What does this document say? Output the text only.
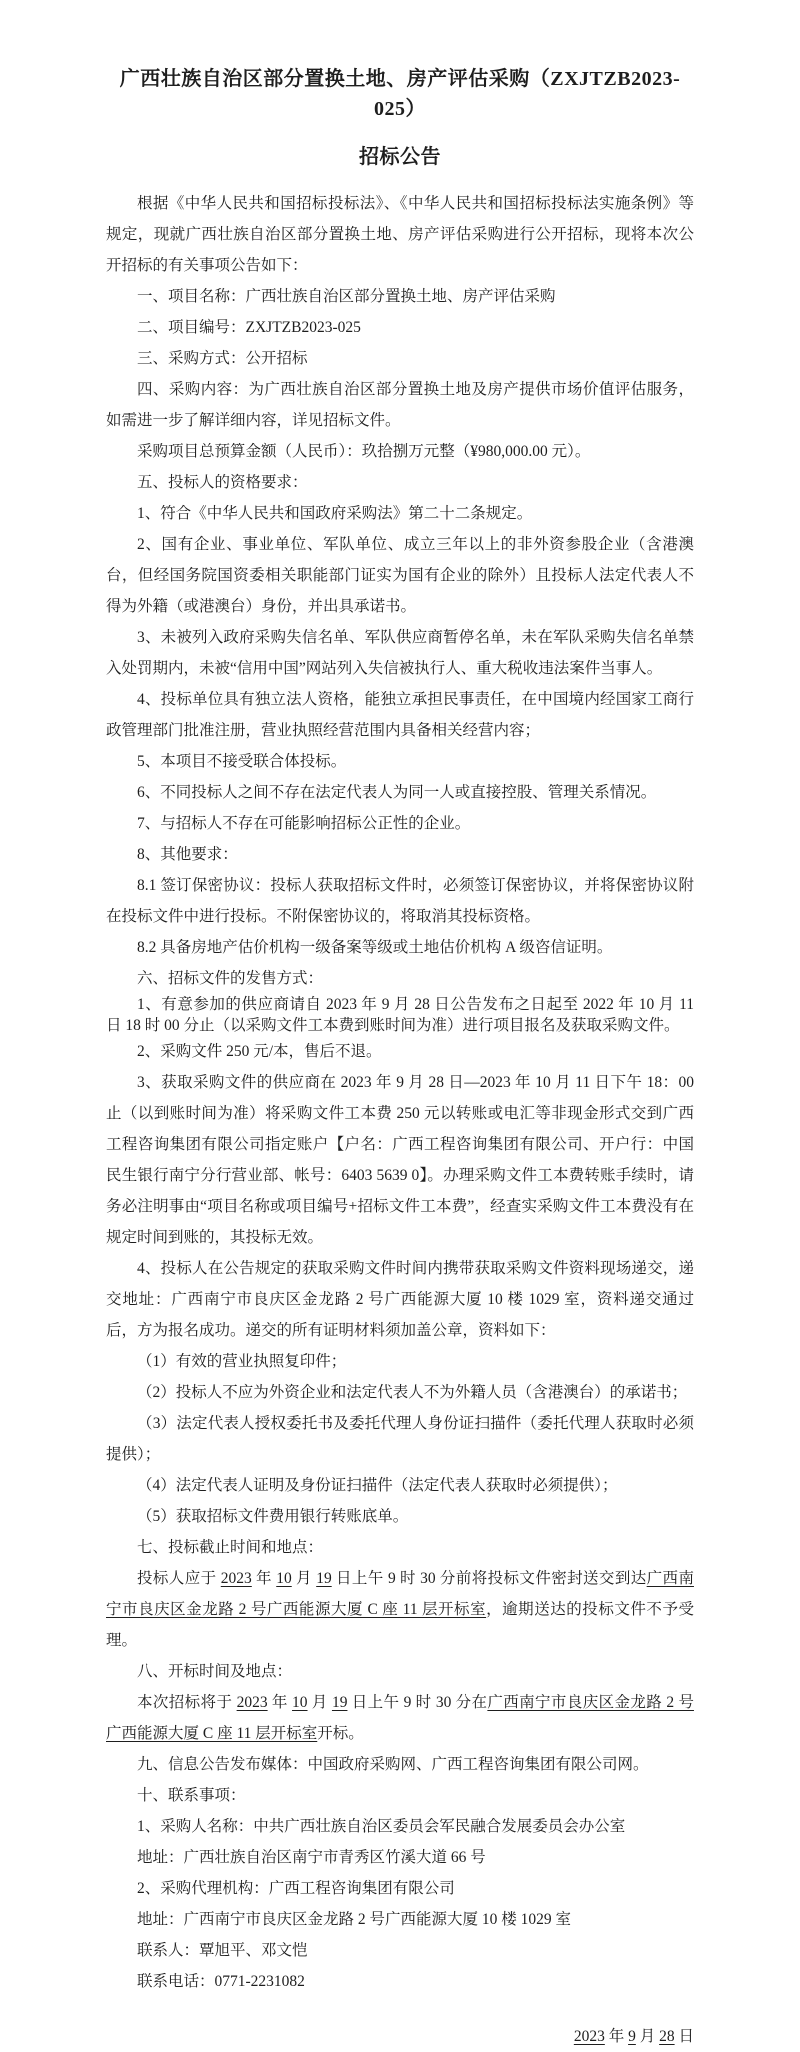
广西壮族自治区部分置换土地、房产评估采购（ZXJTZB2023-025）
招标公告

根据《中华人民共和国招标投标法》、《中华人民共和国招标投标法实施条例》等规定，现就广西壮族自治区部分置换土地、房产评估采购进行公开招标，现将本次公开招标的有关事项公告如下：

一、项目名称：广西壮族自治区部分置换土地、房产评估采购

二、项目编号：ZXJTZB2023-025

三、采购方式：公开招标

四、采购内容：为广西壮族自治区部分置换土地及房产提供市场价值评估服务，如需进一步了解详细内容，详见招标文件。

采购项目总预算金额（人民币）：玖拾捌万元整（¥980,000.00 元）。

五、投标人的资格要求：

1、符合《中华人民共和国政府采购法》第二十二条规定。

2、国有企业、事业单位、军队单位、成立三年以上的非外资参股企业（含港澳台，但经国务院国资委相关职能部门证实为国有企业的除外）且投标人法定代表人不得为外籍（或港澳台）身份，并出具承诺书。

3、未被列入政府采购失信名单、军队供应商暂停名单，未在军队采购失信名单禁入处罚期内，未被“信用中国”网站列入失信被执行人、重大税收违法案件当事人。

4、投标单位具有独立法人资格，能独立承担民事责任，在中国境内经国家工商行政管理部门批准注册，营业执照经营范围内具备相关经营内容；

5、本项目不接受联合体投标。

6、不同投标人之间不存在法定代表人为同一人或直接控股、管理关系情况。

7、与招标人不存在可能影响招标公正性的企业。

8、其他要求：

8.1 签订保密协议：投标人获取招标文件时，必须签订保密协议，并将保密协议附在投标文件中进行投标。不附保密协议的，将取消其投标资格。

8.2 具备房地产估价机构一级备案等级或土地估价机构 A 级咨信证明。

六、招标文件的发售方式：

1、有意参加的供应商请自 2023 年 9 月 28 日公告发布之日起至 2022 年 10 月 11 日 18 时 00 分止（以采购文件工本费到账时间为准）进行项目报名及获取采购文件。

2、采购文件 250 元/本，售后不退。

3、获取采购文件的供应商在 2023 年 9 月 28 日—2023 年 10 月 11 日下午 18：00 止（以到账时间为准）将采购文件工本费 250 元以转账或电汇等非现金形式交到广西工程咨询集团有限公司指定账户【户名：广西工程咨询集团有限公司、开户行：中国民生银行南宁分行营业部、帐号：6403 5639 0】。办理采购文件工本费转账手续时，请务必注明事由“项目名称或项目编号+招标文件工本费”，经查实采购文件工本费没有在规定时间到账的，其投标无效。

4、投标人在公告规定的获取采购文件时间内携带获取采购文件资料现场递交，递交地址：广西南宁市良庆区金龙路 2 号广西能源大厦 10 楼 1029 室，资料递交通过后，方为报名成功。递交的所有证明材料须加盖公章，资料如下：

（1）有效的营业执照复印件；

（2）投标人不应为外资企业和法定代表人不为外籍人员（含港澳台）的承诺书；

（3）法定代表人授权委托书及委托代理人身份证扫描件（委托代理人获取时必须提供）；

（4）法定代表人证明及身份证扫描件（法定代表人获取时必须提供）；

（5）获取招标文件费用银行转账底单。

七、投标截止时间和地点：

投标人应于 2023 年 10 月 19 日上午 9 时 30 分前将投标文件密封送交到达广西南宁市良庆区金龙路 2 号广西能源大厦 C 座 11 层开标室，逾期送达的投标文件不予受理。

八、开标时间及地点：

本次招标将于 2023 年 10 月 19 日上午 9 时 30 分在广西南宁市良庆区金龙路 2 号广西能源大厦 C 座 11 层开标室开标。

九、信息公告发布媒体：中国政府采购网、广西工程咨询集团有限公司网。

十、联系事项：

1、采购人名称：中共广西壮族自治区委员会军民融合发展委员会办公室

地址：广西壮族自治区南宁市青秀区竹溪大道 66 号

2、采购代理机构：广西工程咨询集团有限公司

地址：广西南宁市良庆区金龙路 2 号广西能源大厦 10 楼 1029 室

联系人：覃旭平、邓文恺

联系电话：0771-2231082

2023 年 9 月 28 日
